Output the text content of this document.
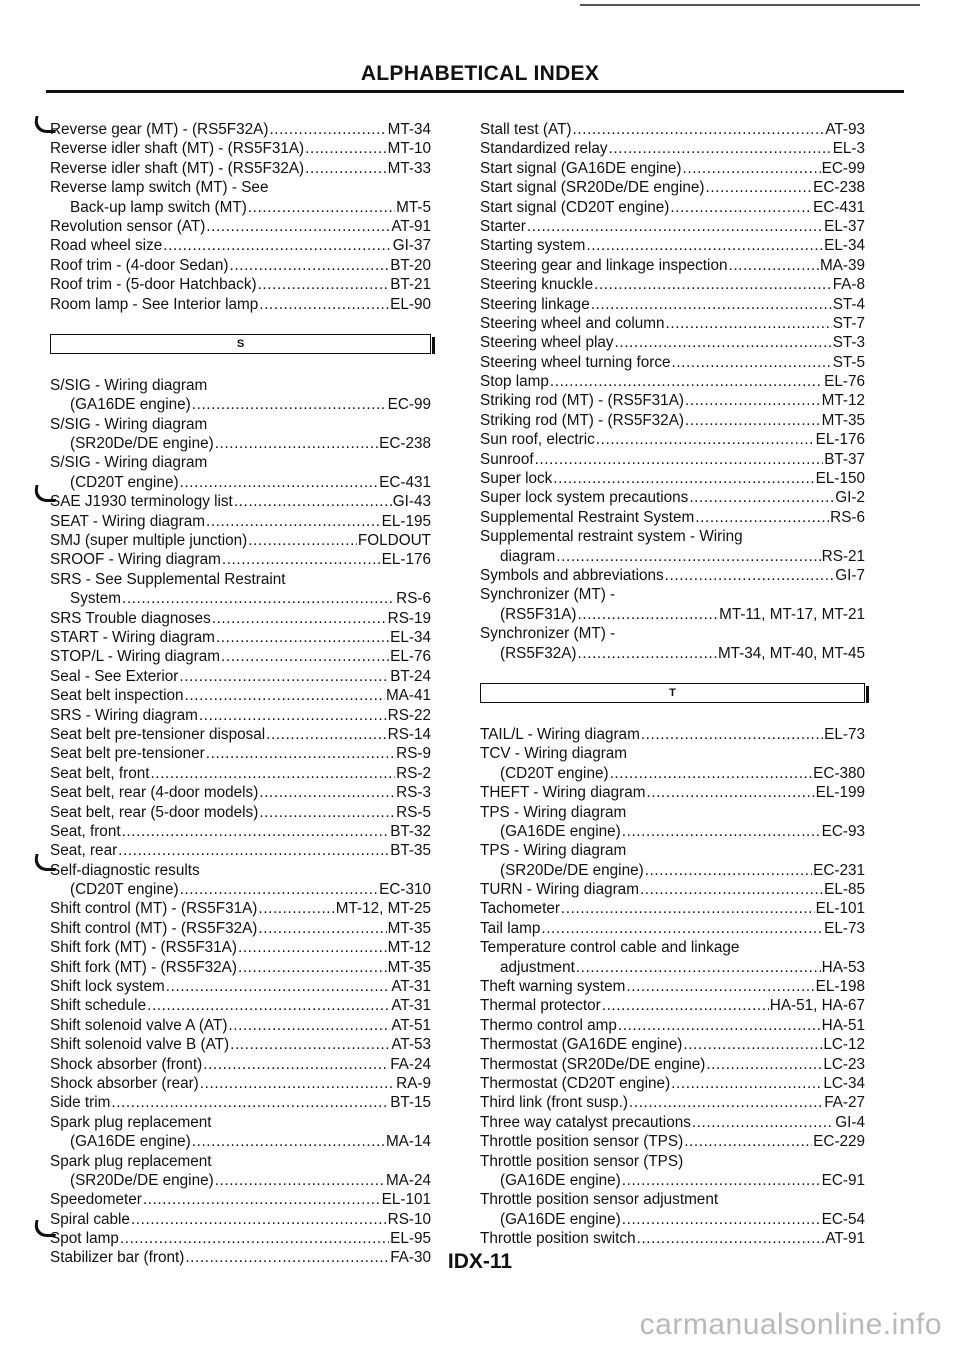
ALPHABETICAL INDEX
Reverse gear (MT) - (RS5F32A) .....	MT-34
Reverse idler shaft (MT) - (RS5F31A) .....	MT-10
Reverse idler shaft (MT) - (RS5F32A) .....	MT-33
Reverse lamp switch (MT) - See
Back-up lamp switch (MT) .....	MT-5
Revolution sensor (AT) .....	AT-91
Road wheel size .....	GI-37
Roof trim - (4-door Sedan) .....	BT-20
Roof trim - (5-door Hatchback) .....	BT-21
Room lamp - See Interior lamp .....	EL-90
S
S/SIG - Wiring diagram
(GA16DE engine) .....	EC-99
S/SIG - Wiring diagram
(SR20De/DE engine) .....	EC-238
S/SIG - Wiring diagram
(CD20T engine) .....	EC-431
SAE J1930 terminology list .....	GI-43
SEAT - Wiring diagram .....	EL-195
SMJ (super multiple junction) .....	FOLDOUT
SROOF - Wiring diagram .....	EL-176
SRS - See Supplemental Restraint
System .....	RS-6
SRS Trouble diagnoses .....	RS-19
START - Wiring diagram .....	EL-34
STOP/L - Wiring diagram .....	EL-76
Seal - See Exterior .....	BT-24
Seat belt inspection .....	MA-41
SRS - Wiring diagram .....	RS-22
Seat belt pre-tensioner disposal .....	RS-14
Seat belt pre-tensioner .....	RS-9
Seat belt, front .....	RS-2
Seat belt, rear (4-door models) .....	RS-3
Seat belt, rear (5-door models) .....	RS-5
Seat, front .....	BT-32
Seat, rear .....	BT-35
Self-diagnostic results
(CD20T engine) .....	EC-310
Shift control (MT) - (RS5F31A) .....	MT-12, MT-25
Shift control (MT) - (RS5F32A) .....	MT-35
Shift fork (MT) - (RS5F31A) .....	MT-12
Shift fork (MT) - (RS5F32A) .....	MT-35
Shift lock system .....	AT-31
Shift schedule .....	AT-31
Shift solenoid valve A (AT) .....	AT-51
Shift solenoid valve B (AT) .....	AT-53
Shock absorber (front) .....	FA-24
Shock absorber (rear) .....	RA-9
Side trim .....	BT-15
Spark plug replacement
(GA16DE engine) .....	MA-14
Spark plug replacement
(SR20De/DE engine) .....	MA-24
Speedometer .....	EL-101
Spiral cable .....	RS-10
Spot lamp .....	EL-95
Stabilizer bar (front) .....	FA-30
Stall test (AT) .....	AT-93
Standardized relay .....	EL-3
Start signal (GA16DE engine) .....	EC-99
Start signal (SR20De/DE engine) .....	EC-238
Start signal (CD20T engine) .....	EC-431
Starter .....	EL-37
Starting system .....	EL-34
Steering gear and linkage inspection .....	MA-39
Steering knuckle .....	FA-8
Steering linkage .....	ST-4
Steering wheel and column .....	ST-7
Steering wheel play .....	ST-3
Steering wheel turning force .....	ST-5
Stop lamp .....	EL-76
Striking rod (MT) - (RS5F31A) .....	MT-12
Striking rod (MT) - (RS5F32A) .....	MT-35
Sun roof, electric .....	EL-176
Sunroof .....	BT-37
Super lock .....	EL-150
Super lock system precautions .....	GI-2
Supplemental Restraint System .....	RS-6
Supplemental restraint system - Wiring
diagram .....	RS-21
Symbols and abbreviations .....	GI-7
Synchronizer (MT) -
(RS5F31A) .....	MT-11, MT-17, MT-21
Synchronizer (MT) -
(RS5F32A) .....	MT-34, MT-40, MT-45
T
TAIL/L - Wiring diagram .....	EL-73
TCV - Wiring diagram
(CD20T engine) .....	EC-380
THEFT - Wiring diagram .....	EL-199
TPS - Wiring diagram
(GA16DE engine) .....	EC-93
TPS - Wiring diagram
(SR20De/DE engine) .....	EC-231
TURN - Wiring diagram .....	EL-85
Tachometer .....	EL-101
Tail lamp .....	EL-73
Temperature control cable and linkage
adjustment .....	HA-53
Theft warning system .....	EL-198
Thermal protector .....	HA-51, HA-67
Thermo control amp .....	HA-51
Thermostat (GA16DE engine) .....	LC-12
Thermostat (SR20De/DE engine) .....	LC-23
Thermostat (CD20T engine) .....	LC-34
Third link (front susp.) .....	FA-27
Three way catalyst precautions .....	GI-4
Throttle position sensor (TPS) .....	EC-229
Throttle position sensor (TPS)
(GA16DE engine) .....	EC-91
Throttle position sensor adjustment
(GA16DE engine) .....	EC-54
Throttle position switch .....	AT-91
IDX-11
carmanualsonline.info
